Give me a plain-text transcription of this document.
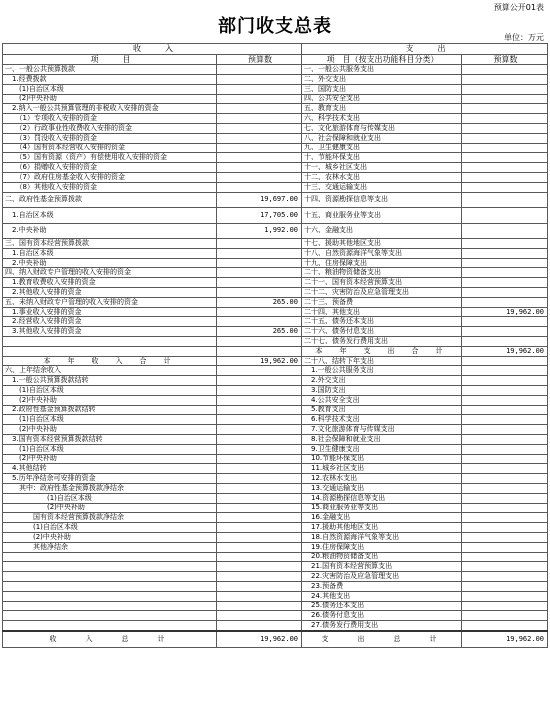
预算公开01表
部门收支总表
单位：万元
收　　　入		支　　　出	
项　　　目	预算数	项　目（按支出功能科目分类）	预算数
一、一般公共预算拨款		一、一般公共服务支出	
　1.经费拨款		二、外交支出	
　　(1)自治区本级		三、国防支出	
　　(2)中央补助		四、公共安全支出	
　2.纳入一般公共预算管理的非税收入安排的资金		五、教育支出	
　　（1）专项收入安排的资金		六、科学技术支出	
　　（2）行政事业性收费收入安排的资金		七、文化旅游体育与传媒支出	
　　（3）罚没收入安排的资金		八、社会保障和就业支出	
　　（4）国有资本经营收入安排的资金		九、卫生健康支出	
　　（5）国有资源（资产）有偿使用收入安排的资金		十、节能环保支出	
　　（6）捐赠收入安排的资金		十一、城乡社区支出	
　　（7）政府住房基金收入安排的资金		十二、农林水支出	
　　（8）其他收入安排的资金		十三、交通运输支出	
二、政府性基金预算拨款	19,697.00	十四、资源勘探信息等支出	
　1.自治区本级	17,705.00	十五、商业服务业等支出	
　2.中央补助	1,992.00	十六、金融支出	
三、国有资本经营预算拨款		十七、援助其他地区支出	
　1.自治区本级		十八、自然资源海洋气象等支出	
　2.中央补助		十九、住房保障支出	
四、纳入财政专户管理的收入安排的资金		二十、粮油物资储备支出	
　1.教育收费收入安排的资金		二十一、国有资本经营预算支出	
　2.其他收入安排的资金		二十二、灾害防治及应急管理支出	
五、未纳入财政专户管理的收入安排的资金	265.00	二十三、预备费	
　1.事业收入安排的资金		二十四、其他支出	19,962.00
　2.经营收入安排的资金		二十五、债务还本支出	
　3.其他收入安排的资金	265.00	二十六、债务付息支出	
		二十七、债务发行费用支出	
		本　年　支　出　合　计	19,962.00
本　年　收　入　合　计	19,962.00	二十八、结转下年支出	
六、上年结余收入		　1.一般公共服务支出	
　1.一般公共预算拨款结转		　2.外交支出	
　　(1)自治区本级		　3.国防支出	
　　(2)中央补助		　4.公共安全支出	
　2.政府性基金预算拨款结转		　5.教育支出	
　　(1)自治区本级		　6.科学技术支出	
　　(2)中央补助		　7.文化旅游体育与传媒支出	
　3.国有资本经营预算拨款结转		　8.社会保障和就业支出	
　　(1)自治区本级		　9.卫生健康支出	
　　(2)中央补助		　10.节能环保支出	
　4.其他结转		　11.城乡社区支出	
　5.历年净结余可安排的资金		　12.农林水支出	
　　其中：政府性基金预算拨款净结余		　13.交通运输支出	
　　　　　　(1)自治区本级		　14.资源勘探信息等支出	
　　　　　　(2)中央补助		　15.商业服务业等支出	
　　　　国有资本经营预算拨款净结余		　16.金融支出	
　　　　(1)自治区本级		　17.援助其他地区支出	
　　　　(2)中央补助		　18.自然资源海洋气象等支出	
　　　　其他净结余		　19.住房保障支出	
		　20.粮油物资储备支出	
		　21.国有资本经营预算支出	
		　22.灾害防治及应急管理支出	
		　23.预备费	
		　24.其他支出	
		　25.债务还本支出	
		　26.债务付息支出	
		　27.债务发行费用支出	
收　　入　　总　　计	19,962.00	支　　出　　总　　计	19,962.00
